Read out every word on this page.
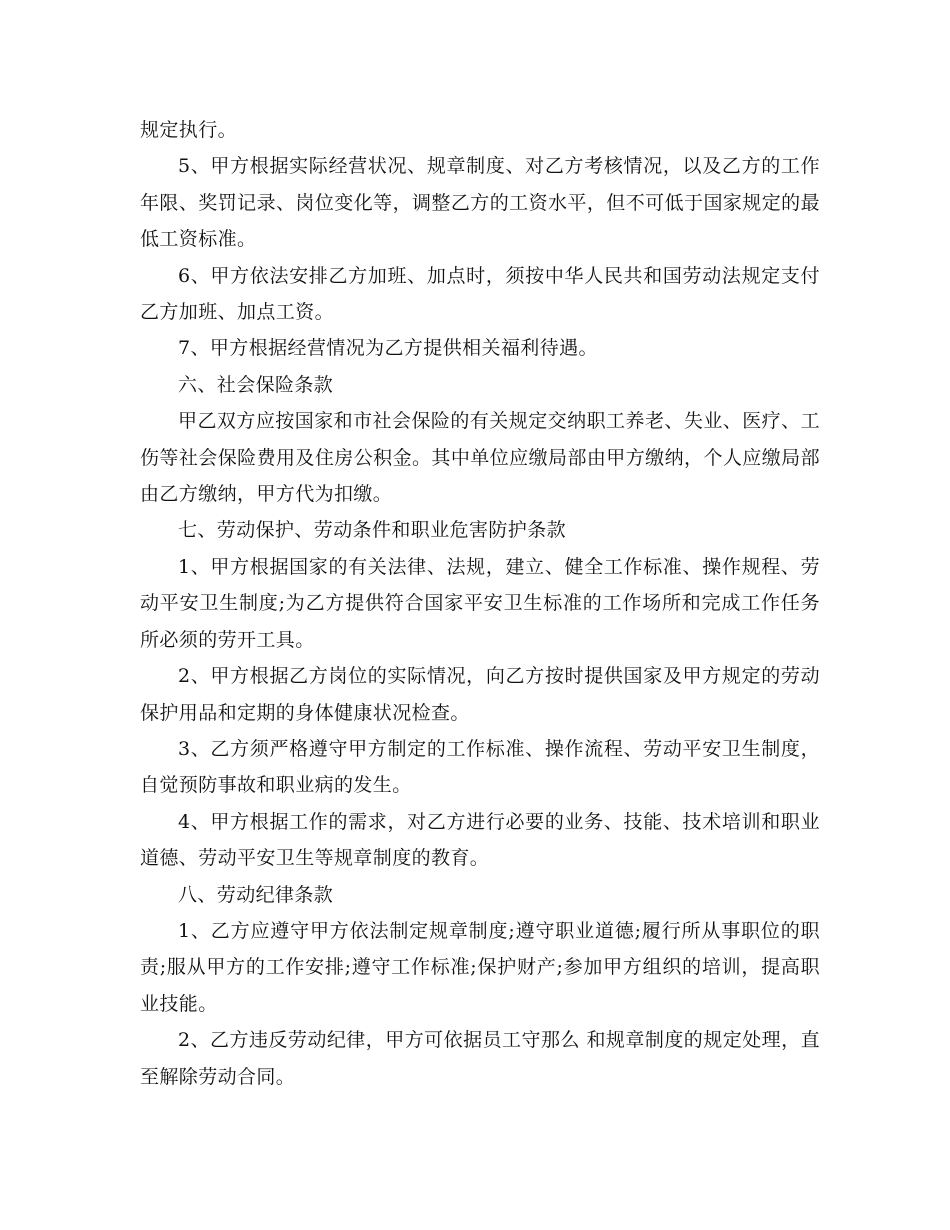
规定执行。

5、甲方根据实际经营状况、规章制度、对乙方考核情况，以及乙方的工作年限、奖罚记录、岗位变化等，调整乙方的工资水平，但不可低于国家规定的最低工资标准。

6、甲方依法安排乙方加班、加点时，须按中华人民共和国劳动法规定支付乙方加班、加点工资。

7、甲方根据经营情况为乙方提供相关福利待遇。

六、社会保险条款

甲乙双方应按国家和市社会保险的有关规定交纳职工养老、失业、医疗、工伤等社会保险费用及住房公积金。其中单位应缴局部由甲方缴纳，个人应缴局部由乙方缴纳，甲方代为扣缴。

七、劳动保护、劳动条件和职业危害防护条款

1、甲方根据国家的有关法律、法规，建立、健全工作标准、操作规程、劳动平安卫生制度;为乙方提供符合国家平安卫生标准的工作场所和完成工作任务所必须的劳开工具。

2、甲方根据乙方岗位的实际情况，向乙方按时提供国家及甲方规定的劳动保护用品和定期的身体健康状况检查。

3、乙方须严格遵守甲方制定的工作标准、操作流程、劳动平安卫生制度，自觉预防事故和职业病的发生。

4、甲方根据工作的需求，对乙方进行必要的业务、技能、技术培训和职业道德、劳动平安卫生等规章制度的教育。

八、劳动纪律条款

1、乙方应遵守甲方依法制定规章制度;遵守职业道德;履行所从事职位的职责;服从甲方的工作安排;遵守工作标准;保护财产;参加甲方组织的培训，提高职业技能。

2、乙方违反劳动纪律，甲方可依据员工守那么 和规章制度的规定处理，直至解除劳动合同。
